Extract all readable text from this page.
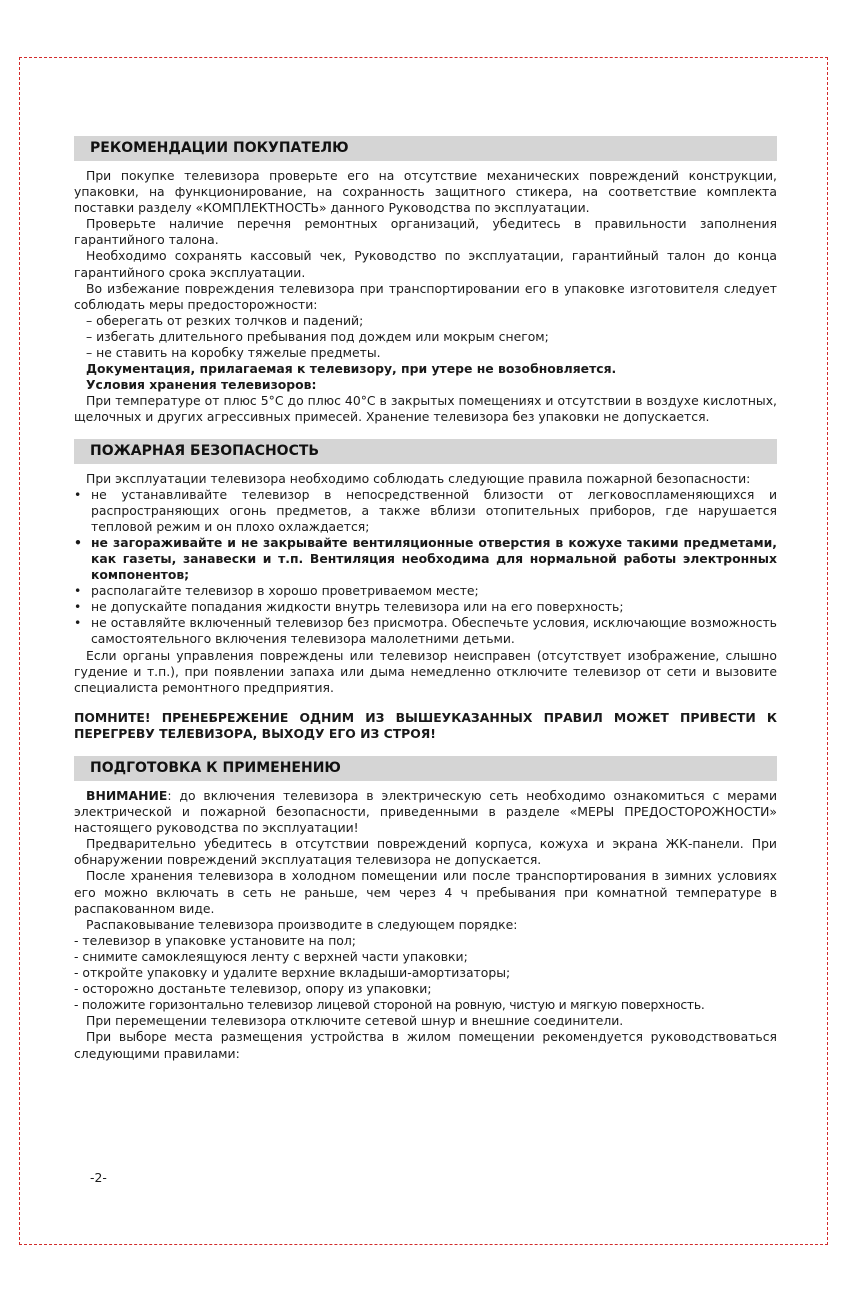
РЕКОМЕНДАЦИИ ПОКУПАТЕЛЮ

При покупке телевизора проверьте его на отсутствие механических повреждений конструкции, упаковки, на функционирование, на сохранность защитного стикера, на соответствие комплекта поставки разделу «КОМПЛЕКТНОСТЬ» данного Руководства по эксплуатации.

Проверьте наличие перечня ремонтных организаций, убедитесь в правильности заполнения гарантийного талона.

Необходимо сохранять кассовый чек, Руководство по эксплуатации, гарантийный талон до конца гарантийного срока эксплуатации.

Во избежание повреждения телевизора при транспортировании его в упаковке изготовителя следует соблюдать меры предосторожности:

– оберегать от резких толчков и падений;

– избегать длительного пребывания под дождем или мокрым снегом;

– не ставить на коробку тяжелые предметы.

Документация, прилагаемая к телевизору, при утере не возобновляется.

Условия хранения телевизоров:

При температуре от плюс 5°С до плюс 40°С в закрытых помещениях и отсутствии в воздухе кислотных, щелочных и других агрессивных примесей. Хранение телевизора без упаковки не допускается.

ПОЖАРНАЯ БЕЗОПАСНОСТЬ

При эксплуатации телевизора необходимо соблюдать следующие правила пожарной безопасности:

• не устанавливайте телевизор в непосредственной близости от легковоспламеняющихся и распространяющих огонь предметов, а также вблизи отопительных приборов, где нарушается тепловой режим и он плохо охлаждается;
• не загораживайте и не закрывайте вентиляционные отверстия в кожухе такими предметами, как газеты, занавески и т.п. Вентиляция необходима для нормальной работы электронных компонентов;
• располагайте телевизор в хорошо проветриваемом месте;
• не допускайте попадания жидкости внутрь телевизора или на его поверхность;
• не оставляйте включенный телевизор без присмотра. Обеспечьте условия, исключающие возможность самостоятельного включения телевизора малолетними детьми.

Если органы управления повреждены или телевизор неисправен (отсутствует изображение, слышно гудение и т.п.), при появлении запаха или дыма немедленно отключите телевизор от сети и вызовите специалиста ремонтного предприятия.

ПОМНИТЕ! ПРЕНЕБРЕЖЕНИЕ ОДНИМ ИЗ ВЫШЕУКАЗАННЫХ ПРАВИЛ МОЖЕТ ПРИВЕСТИ К ПЕРЕГРЕВУ ТЕЛЕВИЗОРА, ВЫХОДУ ЕГО ИЗ СТРОЯ!

ПОДГОТОВКА К ПРИМЕНЕНИЮ

ВНИМАНИЕ: до включения телевизора в электрическую сеть необходимо ознакомиться с мерами электрической и пожарной безопасности, приведенными в разделе «МЕРЫ ПРЕДОСТОРОЖНОСТИ» настоящего руководства по эксплуатации!

Предварительно убедитесь в отсутствии повреждений корпуса, кожуха и экрана ЖК-панели. При обнаружении повреждений эксплуатация телевизора не допускается.

После хранения телевизора в холодном помещении или после транспортирования в зимних условиях его можно включать в сеть не раньше, чем через 4 ч пребывания при комнатной температуре в распакованном виде.

Распаковывание телевизора производите в следующем порядке:

- телевизор в упаковке установите на пол;

- снимите самоклеящуюся ленту с верхней части упаковки;

- откройте упаковку и удалите верхние вкладыши-амортизаторы;

- осторожно достаньте телевизор, опору из упаковки;

- положите горизонтально телевизор лицевой стороной на ровную, чистую и мягкую поверхность.

При перемещении телевизора отключите сетевой шнур и внешние соединители.

При выборе места размещения устройства в жилом помещении рекомендуется руководствоваться следующими правилами:

-2-
